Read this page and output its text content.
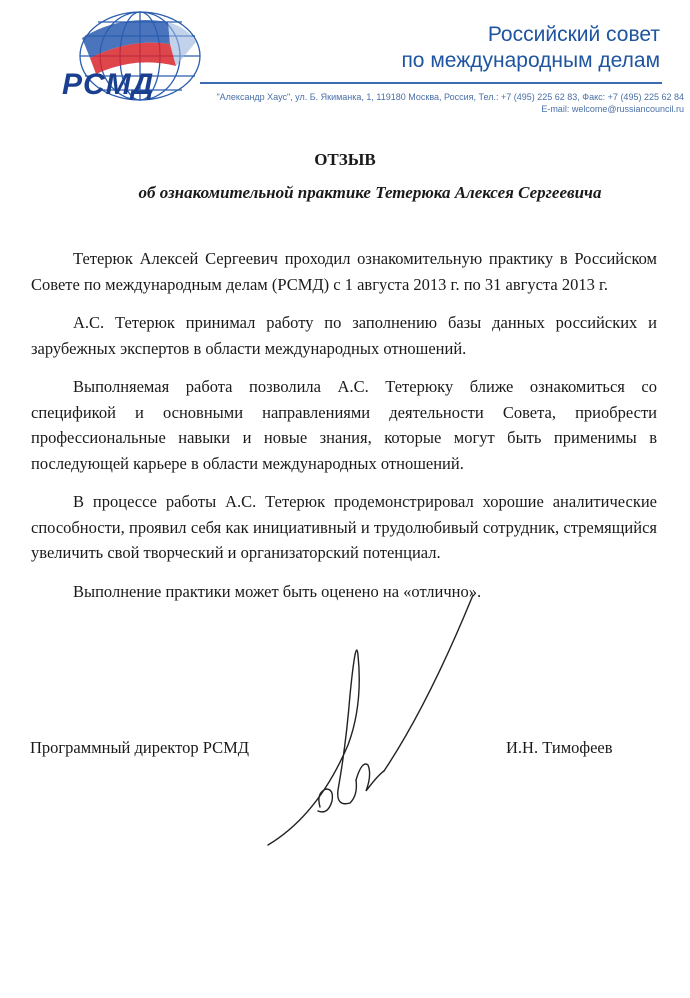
РСМД
Российский совет
по международным делам
"Александр Хаус", ул. Б. Якиманка, 1, 119180 Москва, Россия, Тел.: +7 (495) 225 62 83, Факс: +7 (495) 225 62 84
E-mail: welcome@russiancouncil.ru
ОТЗЫВ
об ознакомительной практике Тетерюка Алексея Сергеевича

Тетерюк Алексей Сергеевич проходил ознакомительную практику в Российском Совете по международным делам (РСМД) с 1 августа 2013 г. по 31 августа 2013 г.

А.С. Тетерюк принимал работу по заполнению базы данных российских и зарубежных экспертов в области международных отношений.

Выполняемая работа позволила А.С. Тетерюку ближе ознакомиться со спецификой и основными направлениями деятельности Совета, приобрести профессиональные навыки и новые знания, которые могут быть применимы в последующей карьере в области международных отношений.

В процессе работы А.С. Тетерюк продемонстрировал хорошие аналитические способности, проявил себя как инициативный и трудолюбивый сотрудник, стремящийся увеличить свой творческий и организаторский потенциал.

Выполнение практики может быть оценено на «отлично».

Программный директор РСМД	И.Н. Тимофеев
